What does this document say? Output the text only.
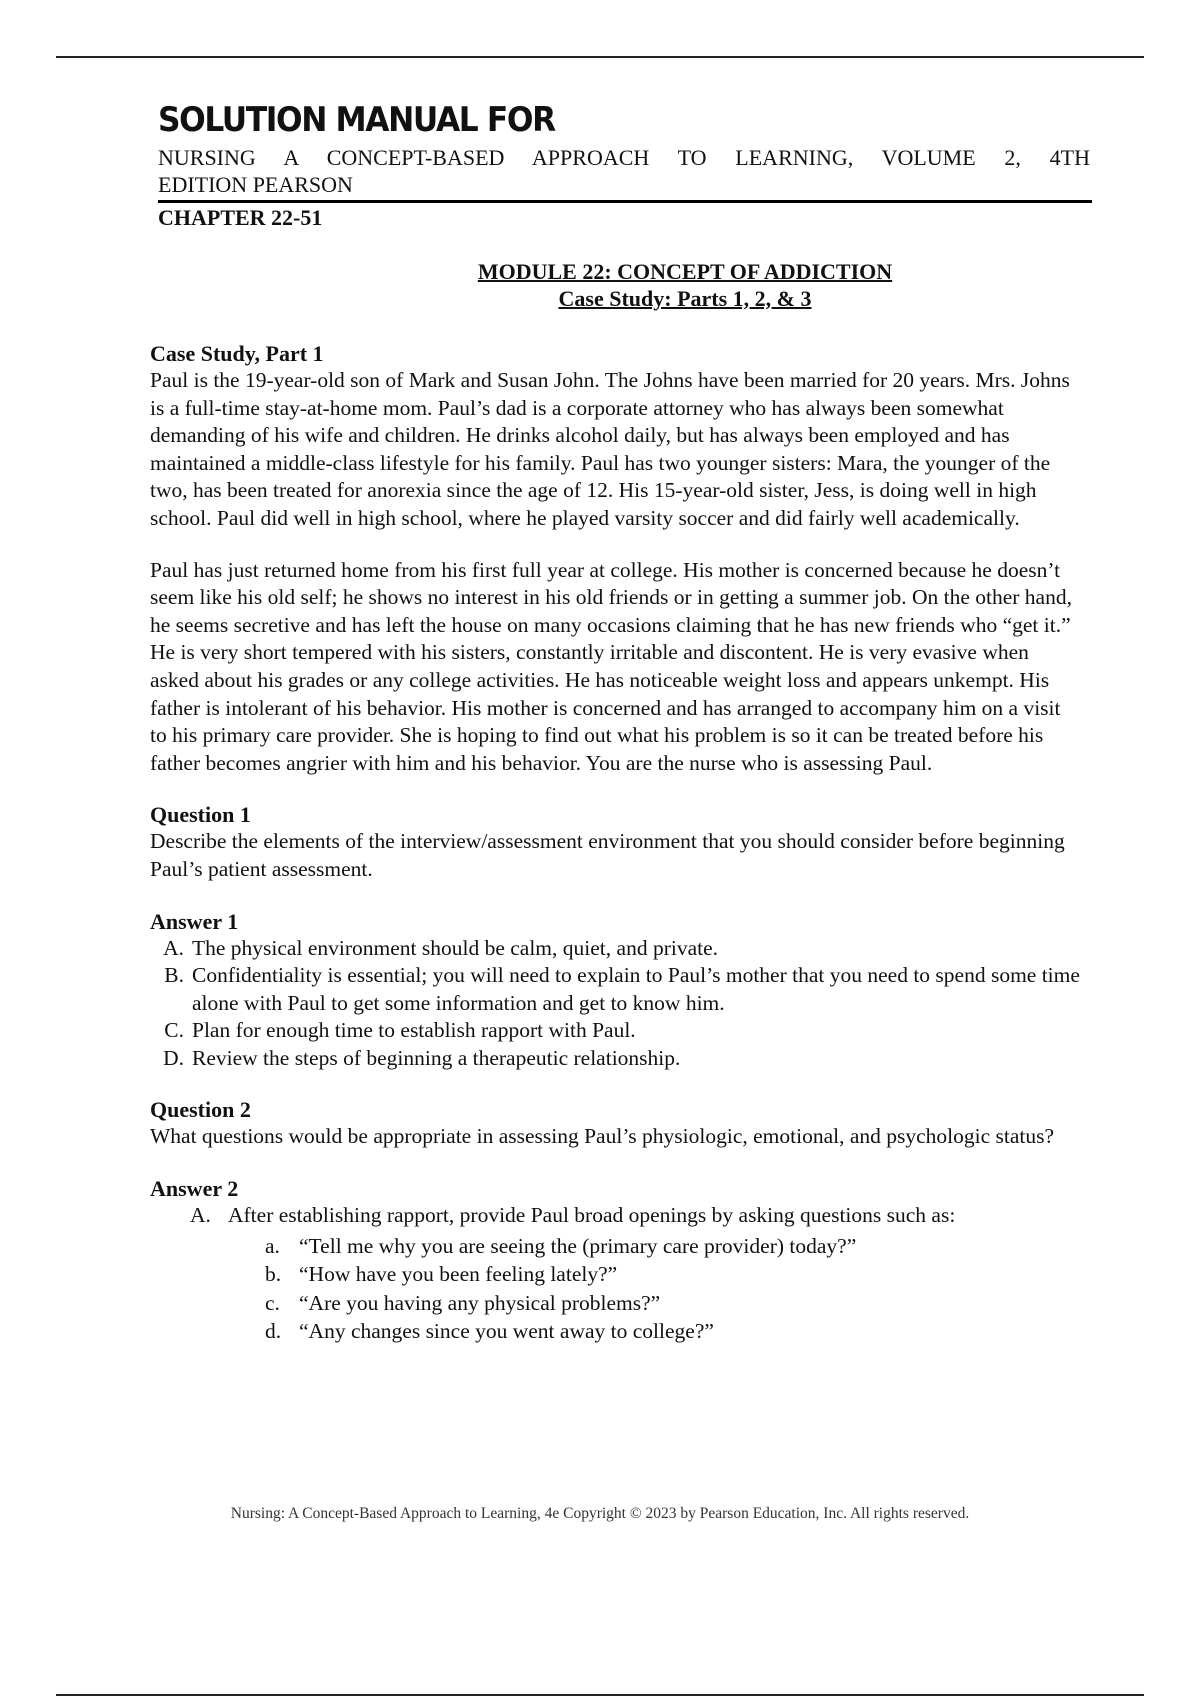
SOLUTION MANUAL FOR
NURSING A CONCEPT-BASED APPROACH TO LEARNING, VOLUME 2, 4TH
EDITION PEARSON
CHAPTER 22-51
MODULE 22: CONCEPT OF ADDICTION
Case Study: Parts 1, 2, & 3
Case Study, Part 1

Paul is the 19-year-old son of Mark and Susan John. The Johns have been married for 20 years. Mrs. Johns is a full-time stay-at-home mom. Paul’s dad is a corporate attorney who has always been somewhat demanding of his wife and children. He drinks alcohol daily, but has always been employed and has maintained a middle-class lifestyle for his family. Paul has two younger sisters: Mara, the younger of the two, has been treated for anorexia since the age of 12. His 15-year-old sister, Jess, is doing well in high school. Paul did well in high school, where he played varsity soccer and did fairly well academically.

Paul has just returned home from his first full year at college. His mother is concerned because he doesn’t seem like his old self; he shows no interest in his old friends or in getting a summer job. On the other hand, he seems secretive and has left the house on many occasions claiming that he has new friends who “get it.” He is very short tempered with his sisters, constantly irritable and discontent. He is very evasive when asked about his grades or any college activities. He has noticeable weight loss and appears unkempt. His father is intolerant of his behavior. His mother is concerned and has arranged to accompany him on a visit to his primary care provider. She is hoping to find out what his problem is so it can be treated before his father becomes angrier with him and his behavior. You are the nurse who is assessing Paul.

Question 1

Describe the elements of the interview/assessment environment that you should consider before beginning Paul’s patient assessment.

Answer 1
A. The physical environment should be calm, quiet, and private.
B. Confidentiality is essential; you will need to explain to Paul’s mother that you need to spend some time alone with Paul to get some information and get to know him.
C. Plan for enough time to establish rapport with Paul.
D. Review the steps of beginning a therapeutic relationship.
Question 2

What questions would be appropriate in assessing Paul’s physiologic, emotional, and psychologic status?

Answer 2
A. After establishing rapport, provide Paul broad openings by asking questions such as:
a. “Tell me why you are seeing the (primary care provider) today?”
b. “How have you been feeling lately?”
c. “Are you having any physical problems?”
d. “Any changes since you went away to college?”
Nursing: A Concept-Based Approach to Learning, 4e Copyright © 2023 by Pearson Education, Inc. All rights reserved.
